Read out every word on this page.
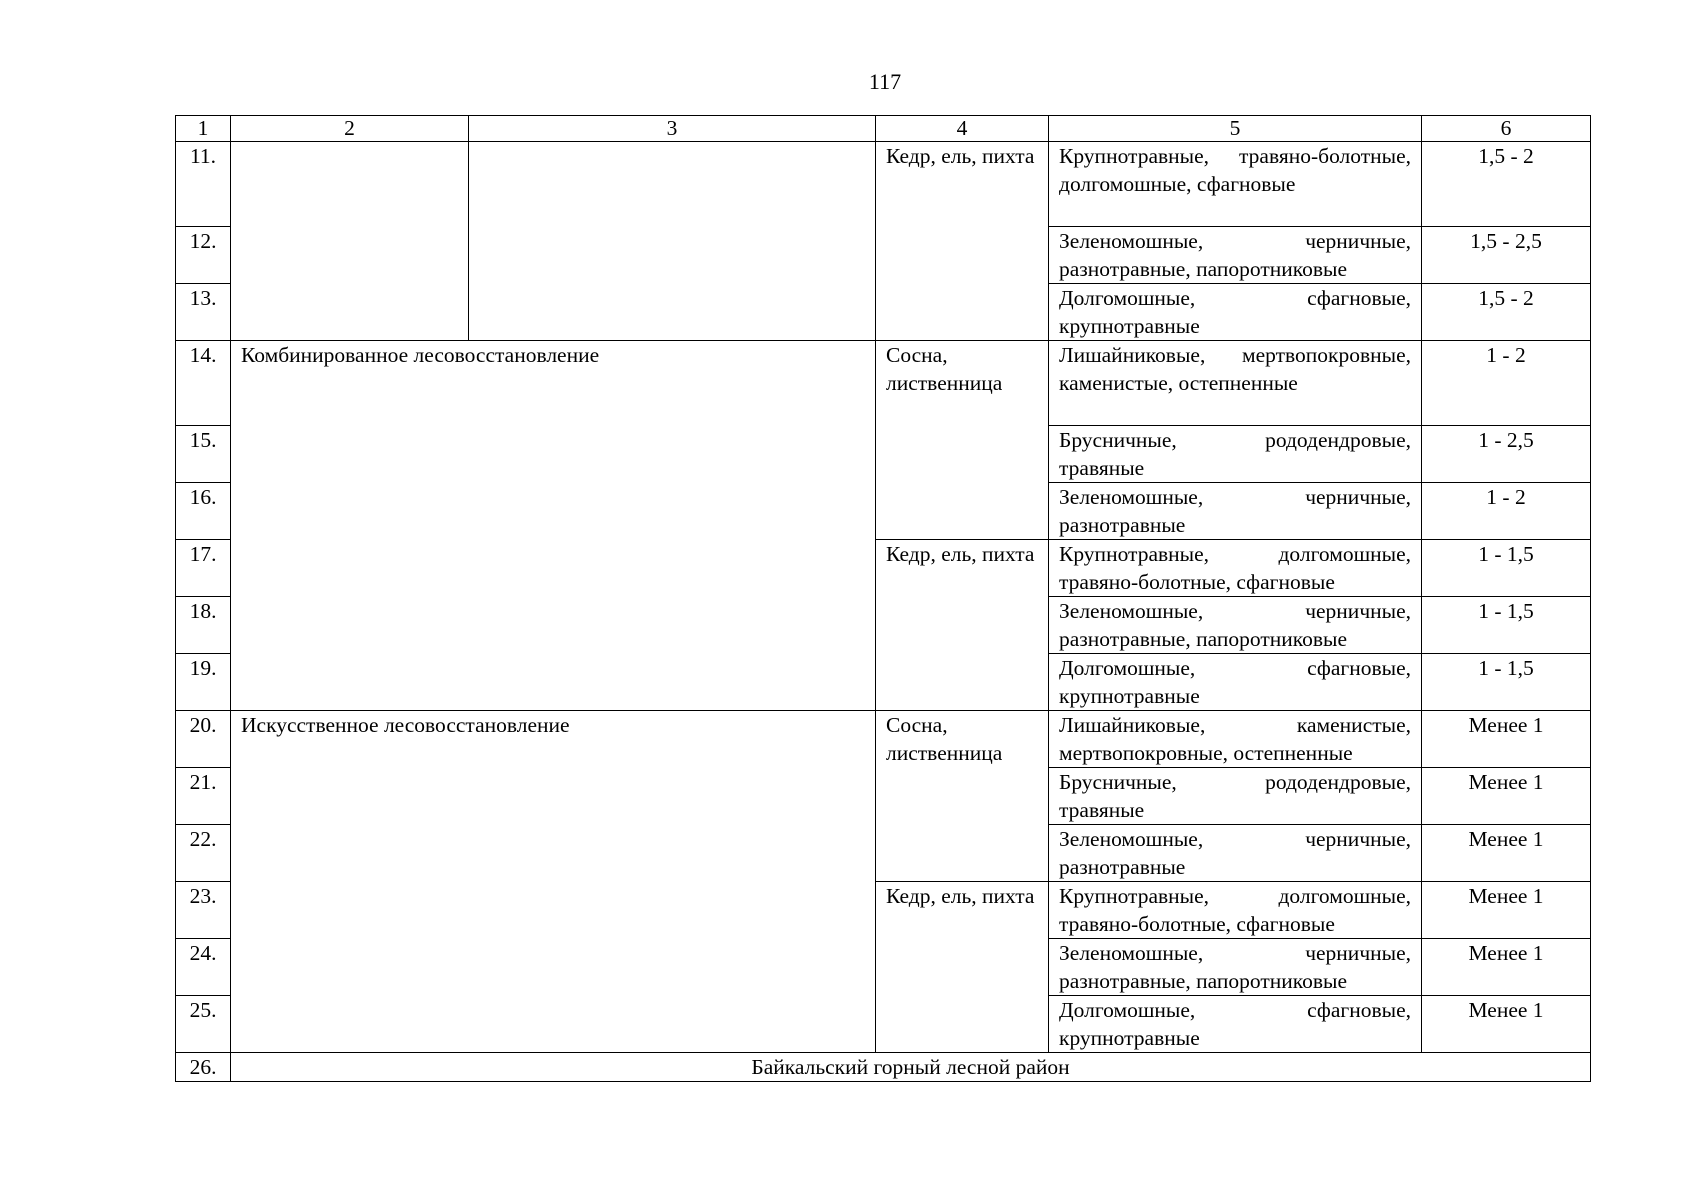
117
1	2	3	4	5	6
11.			Кедр, ель, пихта	Крупнотравные, травяно-болотные, долгомошные, сфагновые	1,5 - 2
12.				Зеленомошные, черничные, разнотравные, папоротниковые	1,5 - 2,5
13.				Долгомошные, сфагновые, крупнотравные	1,5 - 2
14.	Комбинированное лесовосстановление		Сосна, лиственница	Лишайниковые, мертвопокровные, каменистые, остепненные	1 - 2
15.				Брусничные, рододендровые, травяные	1 - 2,5
16.				Зеленомошные, черничные, разнотравные	1 - 2
17.			Кедр, ель, пихта	Крупнотравные, долгомошные, травяно-болотные, сфагновые	1 - 1,5
18.				Зеленомошные, черничные, разнотравные, папоротниковые	1 - 1,5
19.				Долгомошные, сфагновые, крупнотравные	1 - 1,5
20.	Искусственное лесовосстановление		Сосна, лиственница	Лишайниковые, каменистые, мертвопокровные, остепненные	Менее 1
21.				Брусничные, рододендровые, травяные	Менее 1
22.				Зеленомошные, черничные, разнотравные	Менее 1
23.			Кедр, ель, пихта	Крупнотравные, долгомошные, травяно-болотные, сфагновые	Менее 1
24.				Зеленомошные, черничные, разнотравные, папоротниковые	Менее 1
25.				Долгомошные, сфагновые, крупнотравные	Менее 1
26.	Байкальский горный лесной район				
